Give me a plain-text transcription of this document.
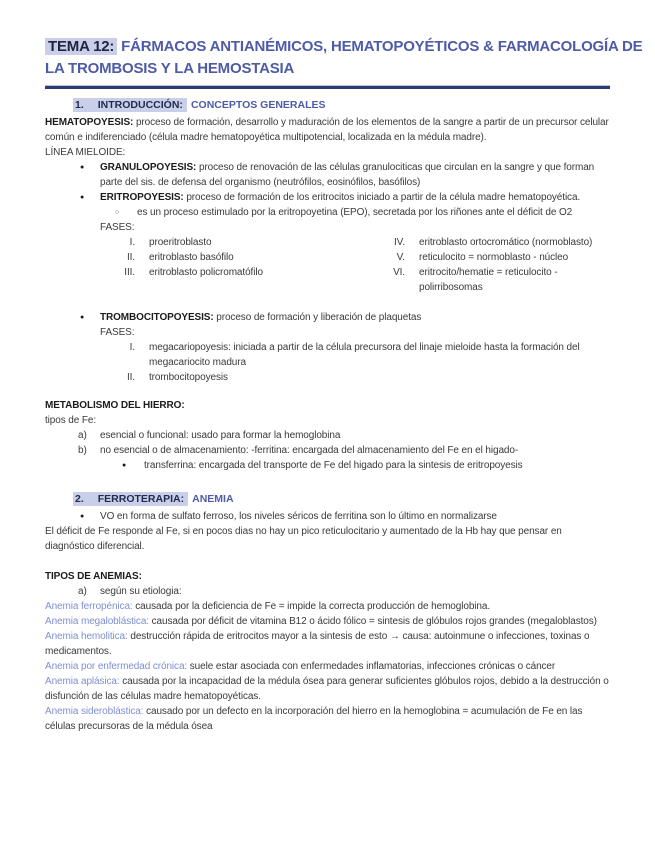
TEMA 12: FÁRMACOS ANTIANÉMICOS, HEMATOPOYÉTICOS & FARMACOLOGÍA DE
LA TROMBOSIS Y LA HEMOSTASIA
1. INTRODUCCIÓN: CONCEPTOS GENERALES

HEMATOPOYESIS: proceso de formación, desarrollo y maduración de los elementos de la sangre a partir de un precursor celular común e indiferenciado (célula madre hematopoyética multipotencial, localizada en la médula madre).

LÍNEA MIELOIDE:

●
GRANULOPOYESIS: proceso de renovación de las células granulociticas que circulan en la sangre y que forman parte del sis. de defensa del organismo (neutrófilos, eosinófilos, basófilos)
●
ERITROPOYESIS: proceso de formación de los eritrocitos iniciado a partir de la célula madre hematopoyética.
○
es un proceso estimulado por la eritropoyetina (EPO), secretada por los riñones ante el déficit de O2

FASES:

I. proeritroblasto
II. eritroblasto basófilo
III. eritroblasto policromatófilo
IV. eritroblasto ortocromático (normoblasto)
V. reticulocito = normoblasto - núcleo
VI. eritrocito/hematie = reticulocito - polirribosomas
●
TROMBOCITOPOYESIS: proceso de formación y liberación de plaquetas

FASES:

I. megacariopoyesis: iniciada a partir de la célula precursora del linaje mieloide hasta la formación del megacariocito madura
II. trombocitopoyesis

METABOLISMO DEL HIERRO:

tipos de Fe:

a)	esencial o funcional: usado para formar la hemoglobina
b)	no esencial o de almacenamiento: -ferritina: encargada del almacenamiento del Fe en el higado-
●
transferrina: encargada del transporte de Fe del higado para la sintesis de eritropoyesis
2. FERROTERAPIA: ANEMIA
●
VO en forma de sulfato ferroso, los niveles séricos de ferritina son lo último en normalizarse

El déficit de Fe responde al Fe, si en pocos dias no hay un pico reticulocitario y aumentado de la Hb hay que pensar en diagnóstico diferencial.

TIPOS DE ANEMIAS:

a)	según su etiologia:

Anemia ferropénica: causada por la deficiencia de Fe = impide la correcta producción de hemoglobina.

Anemia megaloblástica: causada por déficit de vitamina B12 o ácido fólico = sintesis de glóbulos rojos grandes (megaloblastos)

Anemia hemolitica: destrucción rápida de eritrocitos mayor a la sintesis de esto → causa: autoinmune o infecciones, toxinas o medicamentos.

Anemia por enfermedad crónica: suele estar asociada con enfermedades inflamatorias, infecciones crónicas o cáncer

Anemia aplásica: causada por la incapacidad de la médula ósea para generar suficientes glóbulos rojos, debido a la destrucción o disfunción de las células madre hematopoyéticas.

Anemia sideroblástica: causado por un defecto en la incorporación del hierro en la hemoglobina = acumulación de Fe en las células precursoras de la médula ósea
